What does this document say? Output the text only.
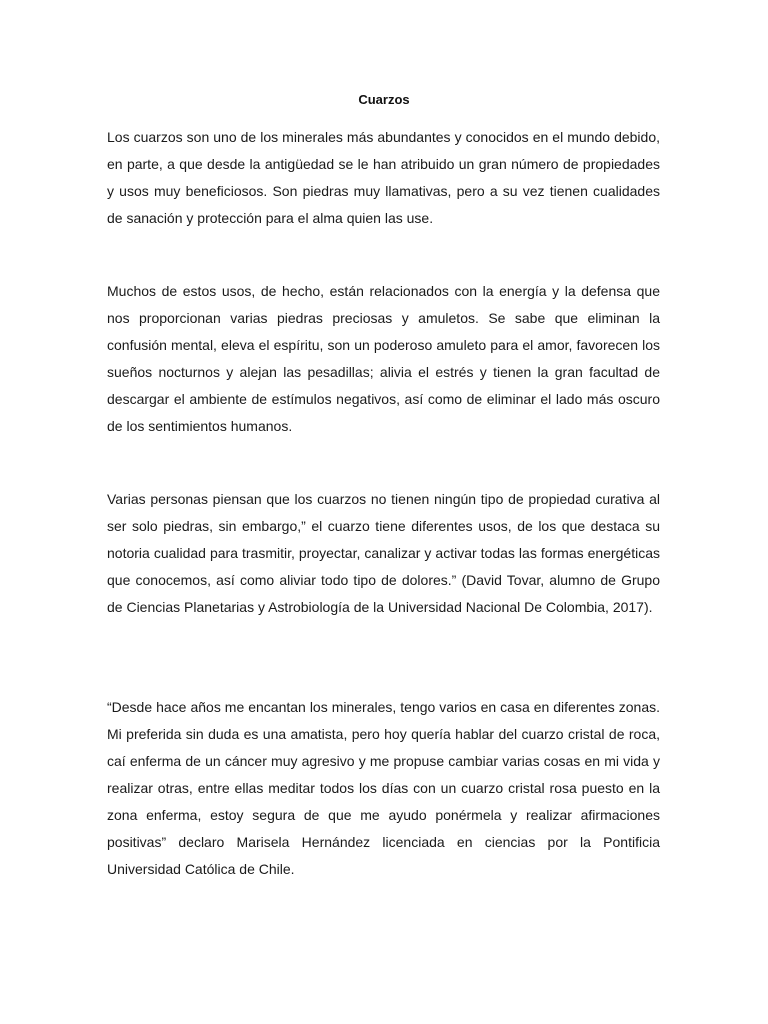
Cuarzos

Los cuarzos son uno de los minerales más abundantes y conocidos en el mundo debido, en parte, a que desde la antigüedad se le han atribuido un gran número de propiedades y usos muy beneficiosos. Son piedras muy llamativas, pero a su vez tienen cualidades de sanación y protección para el alma quien las use.

Muchos de estos usos, de hecho, están relacionados con la energía y la defensa que nos proporcionan varias piedras preciosas y amuletos. Se sabe que eliminan la confusión mental, eleva el espíritu, son un poderoso amuleto para el amor, favorecen los sueños nocturnos y alejan las pesadillas; alivia el estrés y tienen la gran facultad de descargar el ambiente de estímulos negativos, así como de eliminar el lado más oscuro de los sentimientos humanos.

Varias personas piensan que los cuarzos no tienen ningún tipo de propiedad curativa al ser solo piedras, sin embargo,” el cuarzo tiene diferentes usos, de los que destaca su notoria cualidad para trasmitir, proyectar, canalizar y activar todas las formas energéticas que conocemos, así como aliviar todo tipo de dolores.” (David Tovar, alumno de Grupo de Ciencias Planetarias y Astrobiología de la Universidad Nacional De Colombia, 2017).

“Desde hace años me encantan los minerales, tengo varios en casa en diferentes zonas. Mi preferida sin duda es una amatista, pero hoy quería hablar del cuarzo cristal de roca, caí enferma de un cáncer muy agresivo y me propuse cambiar varias cosas en mi vida y realizar otras, entre ellas meditar todos los días con un cuarzo cristal rosa puesto en la zona enferma, estoy segura de que me ayudo ponérmela y realizar afirmaciones positivas” declaro Marisela Hernández licenciada en ciencias por la Pontificia Universidad Católica de Chile.
